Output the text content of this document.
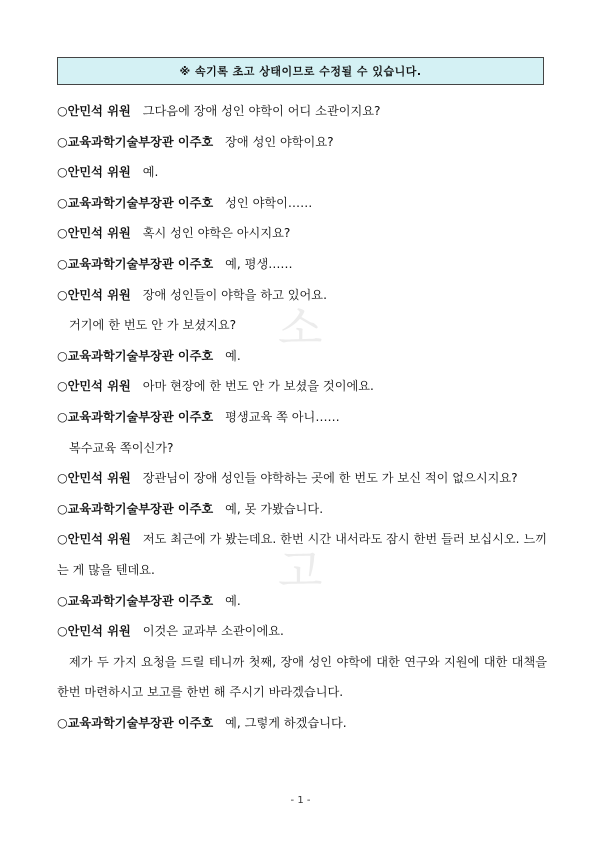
※ 속기록 초고 상태이므로 수정될 수 있습니다.
소
고

○안민석 위원 그다음에 장애 성인 야학이 어디 소관이지요?

○교육과학기술부장관 이주호 장애 성인 야학이요?

○안민석 위원 예.

○교육과학기술부장관 이주호 성인 야학이……

○안민석 위원 혹시 성인 야학은 아시지요?

○교육과학기술부장관 이주호 예, 평생……

○안민석 위원 장애 성인들이 야학을 하고 있어요.

거기에 한 번도 안 가 보셨지요?

○교육과학기술부장관 이주호 예.

○안민석 위원 아마 현장에 한 번도 안 가 보셨을 것이에요.

○교육과학기술부장관 이주호 평생교육 쪽 아니……

복수교육 쪽이신가?

○안민석 위원 장관님이 장애 성인들 야학하는 곳에 한 번도 가 보신 적이 없으시지요?

○교육과학기술부장관 이주호 예, 못 가봤습니다.

○안민석 위원 저도 최근에 가 봤는데요. 한번 시간 내서라도 잠시 한번 들러 보십시오. 느끼는 게 많을 텐데요.

○교육과학기술부장관 이주호 예.

○안민석 위원 이것은 교과부 소관이에요.

제가 두 가지 요청을 드릴 테니까 첫째, 장애 성인 야학에 대한 연구와 지원에 대한 대책을 한번 마련하시고 보고를 한번 해 주시기 바라겠습니다.

○교육과학기술부장관 이주호 예, 그렇게 하겠습니다.

- 1 -
